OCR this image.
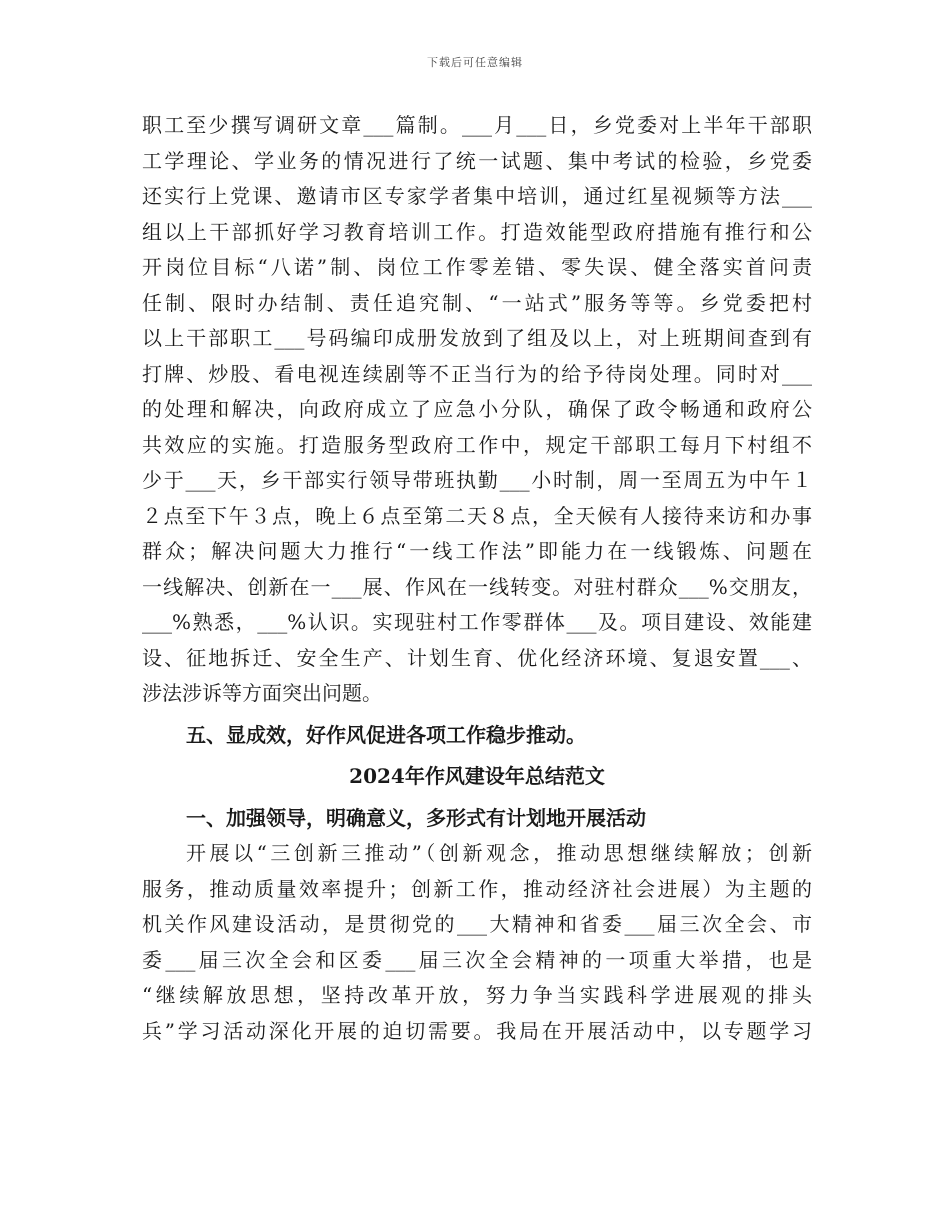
下载后可任意编辑
职工至少撰写调研文章___篇制。___月___日，乡党委对上半年干部职
工学理论、学业务的情况进行了统一试题、集中考试的检验，乡党委
还实行上党课、邀请市区专家学者集中培训，通过红星视频等方法___
组以上干部抓好学习教育培训工作。打造效能型政府措施有推行和公
开岗位目标“八诺”制、岗位工作零差错、零失误、健全落实首问责
任制、限时办结制、责任追究制、“一站式”服务等等。乡党委把村
以上干部职工___号码编印成册发放到了组及以上，对上班期间查到有
打牌、炒股、看电视连续剧等不正当行为的给予待岗处理。同时对___
的处理和解决，向政府成立了应急小分队，确保了政令畅通和政府公
共效应的实施。打造服务型政府工作中，规定干部职工每月下村组不
少于___天，乡干部实行领导带班执勤___小时制，周一至周五为中午１
２点至下午３点，晚上６点至第二天８点，全天候有人接待来访和办事
群众；解决问题大力推行“一线工作法”即能力在一线锻炼、问题在
一线解决、创新在一___展、作风在一线转变。对驻村群众___%交朋友，
___%熟悉，___%认识。实现驻村工作零群体___及。项目建设、效能建
设、征地拆迁、安全生产、计划生育、优化经济环境、复退安置___、
涉法涉诉等方面突出问题。
五、显成效，好作风促进各项工作稳步推动。
2024年作风建设年总结范文
一、加强领导，明确意义，多形式有计划地开展活动
开展以“三创新三推动”（创新观念，推动思想继续解放；创新
服务，推动质量效率提升；创新工作，推动经济社会进展）为主题的
机关作风建设活动，是贯彻党的___大精神和省委___届三次全会、市
委___届三次全会和区委___届三次全会精神的一项重大举措，也是
“继续解放思想，坚持改革开放，努力争当实践科学进展观的排头
兵”学习活动深化开展的迫切需要。我局在开展活动中，以专题学习
